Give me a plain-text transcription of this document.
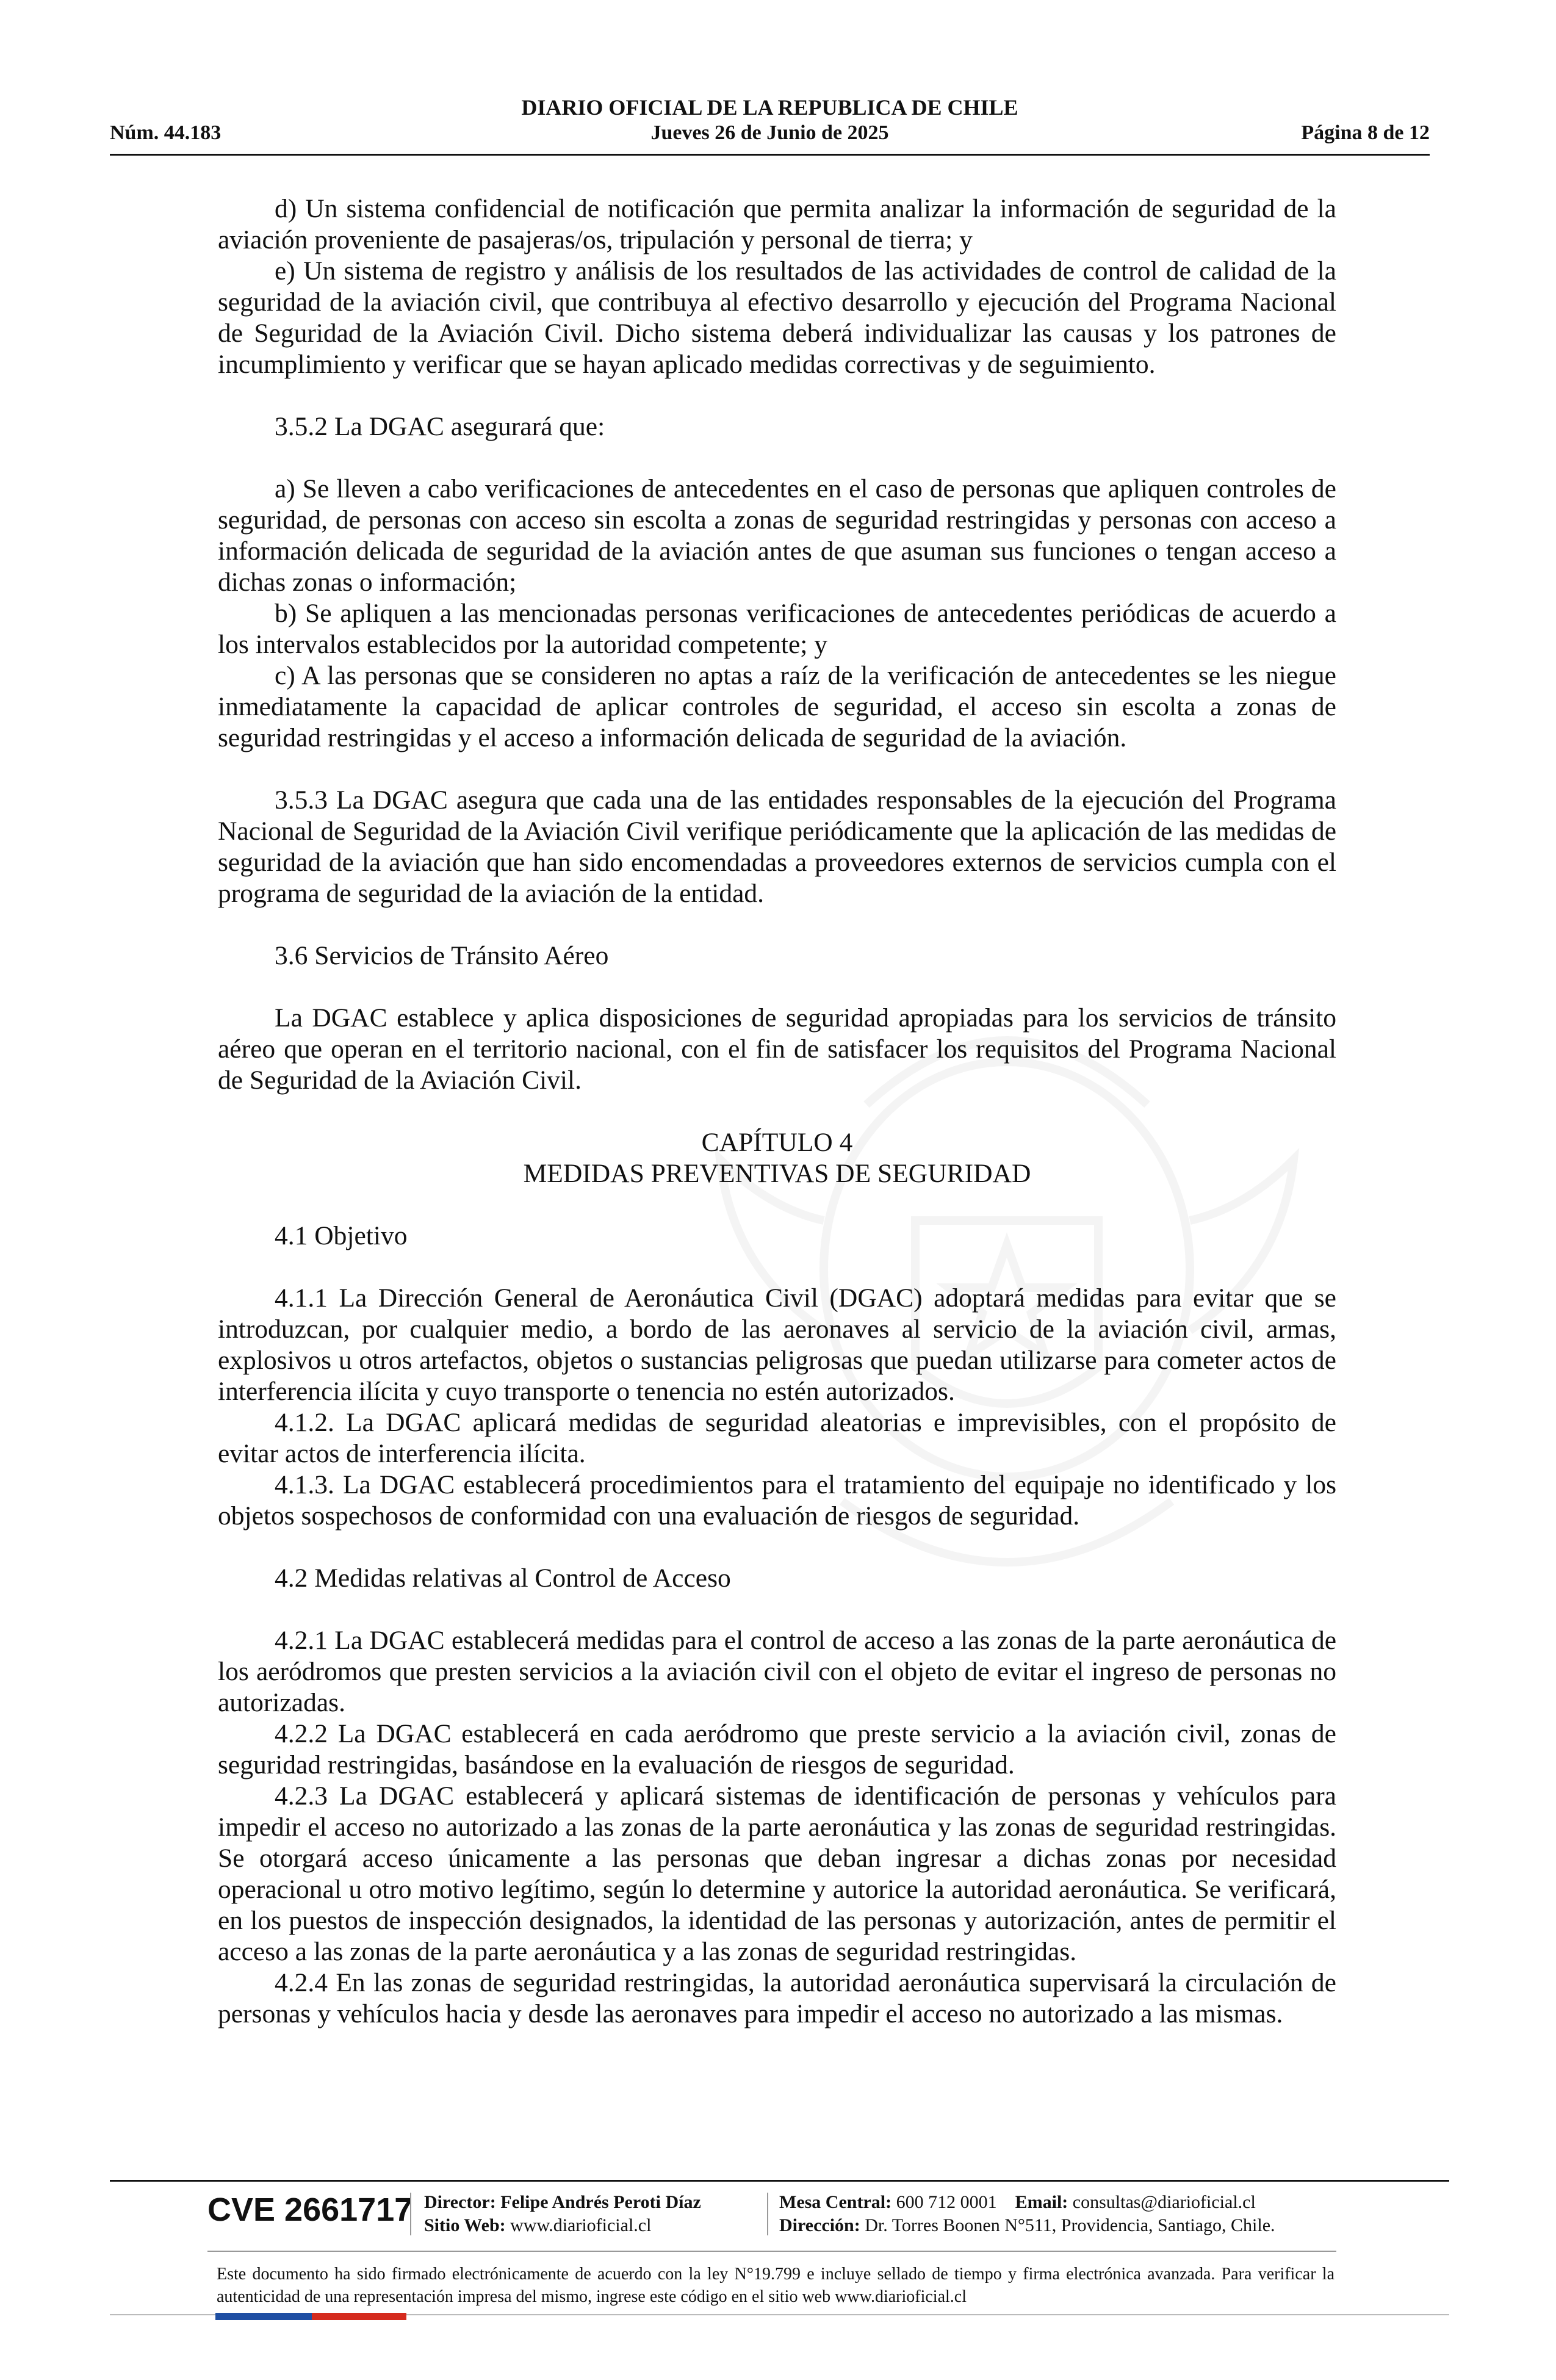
DIARIO OFICIAL DE LA REPUBLICA DE CHILE
Núm. 44.183	Jueves 26 de Junio de 2025	Página 8 de 12

d) Un sistema confidencial de notificación que permita analizar la información de seguridad de la aviación proveniente de pasajeras/os, tripulación y personal de tierra; y

e) Un sistema de registro y análisis de los resultados de las actividades de control de calidad de la seguridad de la aviación civil, que contribuya al efectivo desarrollo y ejecución del Programa Nacional de Seguridad de la Aviación Civil. Dicho sistema deberá individualizar las causas y los patrones de incumplimiento y verificar que se hayan aplicado medidas correctivas y de seguimiento.

3.5.2 La DGAC asegurará que:

a) Se lleven a cabo verificaciones de antecedentes en el caso de personas que apliquen controles de seguridad, de personas con acceso sin escolta a zonas de seguridad restringidas y personas con acceso a información delicada de seguridad de la aviación antes de que asuman sus funciones o tengan acceso a dichas zonas o información;

b) Se apliquen a las mencionadas personas verificaciones de antecedentes periódicas de acuerdo a los intervalos establecidos por la autoridad competente; y

c) A las personas que se consideren no aptas a raíz de la verificación de antecedentes se les niegue inmediatamente la capacidad de aplicar controles de seguridad, el acceso sin escolta a zonas de seguridad restringidas y el acceso a información delicada de seguridad de la aviación.

3.5.3 La DGAC asegura que cada una de las entidades responsables de la ejecución del Programa Nacional de Seguridad de la Aviación Civil verifique periódicamente que la aplicación de las medidas de seguridad de la aviación que han sido encomendadas a proveedores externos de servicios cumpla con el programa de seguridad de la aviación de la entidad.

3.6 Servicios de Tránsito Aéreo

La DGAC establece y aplica disposiciones de seguridad apropiadas para los servicios de tránsito aéreo que operan en el territorio nacional, con el fin de satisfacer los requisitos del Programa Nacional de Seguridad de la Aviación Civil.

CAPÍTULO 4

MEDIDAS PREVENTIVAS DE SEGURIDAD

4.1 Objetivo

4.1.1 La Dirección General de Aeronáutica Civil (DGAC) adoptará medidas para evitar que se introduzcan, por cualquier medio, a bordo de las aeronaves al servicio de la aviación civil, armas, explosivos u otros artefactos, objetos o sustancias peligrosas que puedan utilizarse para cometer actos de interferencia ilícita y cuyo transporte o tenencia no estén autorizados.

4.1.2. La DGAC aplicará medidas de seguridad aleatorias e imprevisibles, con el propósito de evitar actos de interferencia ilícita.

4.1.3. La DGAC establecerá procedimientos para el tratamiento del equipaje no identificado y los objetos sospechosos de conformidad con una evaluación de riesgos de seguridad.

4.2 Medidas relativas al Control de Acceso

4.2.1 La DGAC establecerá medidas para el control de acceso a las zonas de la parte aeronáutica de los aeródromos que presten servicios a la aviación civil con el objeto de evitar el ingreso de personas no autorizadas.

4.2.2 La DGAC establecerá en cada aeródromo que preste servicio a la aviación civil, zonas de seguridad restringidas, basándose en la evaluación de riesgos de seguridad.

4.2.3 La DGAC establecerá y aplicará sistemas de identificación de personas y vehículos para impedir el acceso no autorizado a las zonas de la parte aeronáutica y las zonas de seguridad restringidas. Se otorgará acceso únicamente a las personas que deban ingresar a dichas zonas por necesidad operacional u otro motivo legítimo, según lo determine y autorice la autoridad aeronáutica. Se verificará, en los puestos de inspección designados, la identidad de las personas y autorización, antes de permitir el acceso a las zonas de la parte aeronáutica y a las zonas de seguridad restringidas.

4.2.4 En las zonas de seguridad restringidas, la autoridad aeronáutica supervisará la circulación de personas y vehículos hacia y desde las aeronaves para impedir el acceso no autorizado a las mismas.

CVE 2661717 Director: Felipe Andrés Peroti Díaz
Sitio Web: www.diarioficial.cl
Mesa Central: 600 712 0001 Email: consultas@diarioficial.cl
Dirección: Dr. Torres Boonen N°511, Providencia, Santiago, Chile.
Este documento ha sido firmado electrónicamente de acuerdo con la ley N°19.799 e incluye sellado de tiempo y firma electrónica avanzada. Para verificar la autenticidad de una representación impresa del mismo, ingrese este código en el sitio web www.diarioficial.cl
